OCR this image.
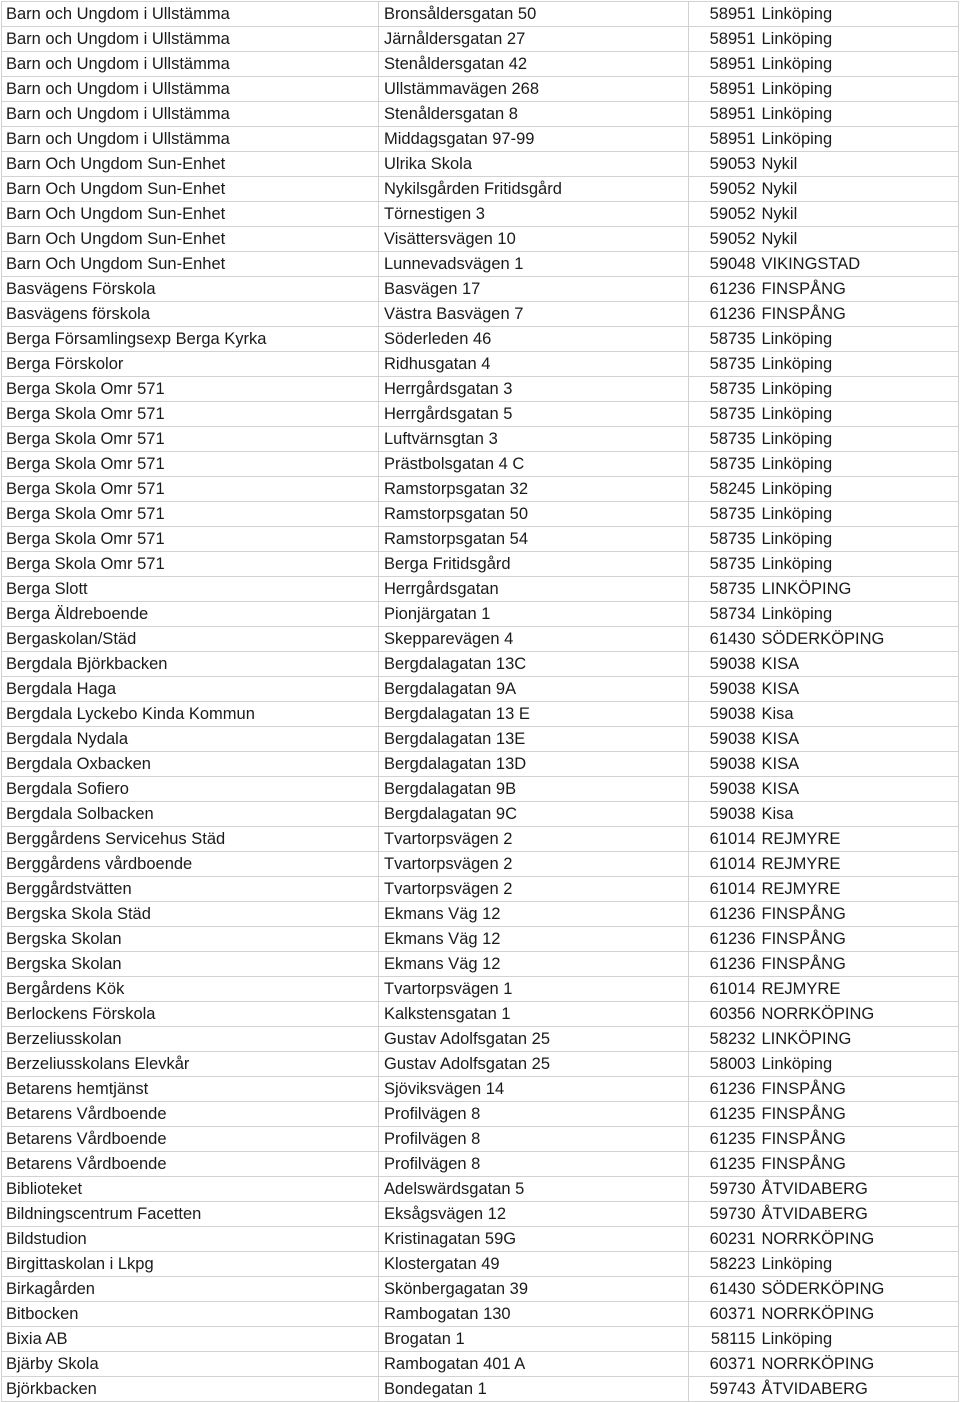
Barn och Ungdom i Ullstämma	Bronsåldersgatan 50	58951	Linköping
Barn och Ungdom i Ullstämma	Järnåldersgatan 27	58951	Linköping
Barn och Ungdom i Ullstämma	Stenåldersgatan 42	58951	Linköping
Barn och Ungdom i Ullstämma	Ullstämmavägen 268	58951	Linköping
Barn och Ungdom i Ullstämma	Stenåldersgatan 8	58951	Linköping
Barn och Ungdom i Ullstämma	Middagsgatan 97-99	58951	Linköping
Barn Och Ungdom Sun-Enhet	Ulrika Skola	59053	Nykil
Barn Och Ungdom Sun-Enhet	Nykilsgården Fritidsgård	59052	Nykil
Barn Och Ungdom Sun-Enhet	Törnestigen 3	59052	Nykil
Barn Och Ungdom Sun-Enhet	Visättersvägen 10	59052	Nykil
Barn Och Ungdom Sun-Enhet	Lunnevadsvägen 1	59048	VIKINGSTAD
Basvägens Förskola	Basvägen 17	61236	FINSPÅNG
Basvägens förskola	Västra Basvägen 7	61236	FINSPÅNG
Berga Församlingsexp Berga Kyrka	Söderleden 46	58735	Linköping
Berga Förskolor	Ridhusgatan 4	58735	Linköping
Berga Skola Omr 571	Herrgårdsgatan 3	58735	Linköping
Berga Skola Omr 571	Herrgårdsgatan 5	58735	Linköping
Berga Skola Omr 571	Luftvärnsgtan 3	58735	Linköping
Berga Skola Omr 571	Prästbolsgatan 4 C	58735	Linköping
Berga Skola Omr 571	Ramstorpsgatan 32	58245	Linköping
Berga Skola Omr 571	Ramstorpsgatan 50	58735	Linköping
Berga Skola Omr 571	Ramstorpsgatan 54	58735	Linköping
Berga Skola Omr 571	Berga Fritidsgård	58735	Linköping
Berga Slott	Herrgårdsgatan	58735	LINKÖPING
Berga Äldreboende	Pionjärgatan 1	58734	Linköping
Bergaskolan/Städ	Skepparevägen 4	61430	SÖDERKÖPING
Bergdala Björkbacken	Bergdalagatan 13C	59038	KISA
Bergdala Haga	Bergdalagatan 9A	59038	KISA
Bergdala Lyckebo Kinda Kommun	Bergdalagatan 13 E	59038	Kisa
Bergdala Nydala	Bergdalagatan 13E	59038	KISA
Bergdala Oxbacken	Bergdalagatan 13D	59038	KISA
Bergdala Sofiero	Bergdalagatan 9B	59038	KISA
Bergdala Solbacken	Bergdalagatan 9C	59038	Kisa
Berggårdens Servicehus Städ	Tvartorpsvägen 2	61014	REJMYRE
Berggårdens vårdboende	Tvartorpsvägen 2	61014	REJMYRE
Berggårdstvätten	Tvartorpsvägen 2	61014	REJMYRE
Bergska Skola Städ	Ekmans Väg 12	61236	FINSPÅNG
Bergska Skolan	Ekmans Väg 12	61236	FINSPÅNG
Bergska Skolan	Ekmans Väg 12	61236	FINSPÅNG
Bergårdens Kök	Tvartorpsvägen 1	61014	REJMYRE
Berlockens Förskola	Kalkstensgatan 1	60356	NORRKÖPING
Berzeliusskolan	Gustav Adolfsgatan 25	58232	LINKÖPING
Berzeliusskolans Elevkår	Gustav Adolfsgatan 25	58003	Linköping
Betarens hemtjänst	Sjöviksvägen 14	61236	FINSPÅNG
Betarens Vårdboende	Profilvägen 8	61235	FINSPÅNG
Betarens Vårdboende	Profilvägen 8	61235	FINSPÅNG
Betarens Vårdboende	Profilvägen 8	61235	FINSPÅNG
Biblioteket	Adelswärdsgatan 5	59730	ÅTVIDABERG
Bildningscentrum Facetten	Eksågsvägen 12	59730	ÅTVIDABERG
Bildstudion	Kristinagatan 59G	60231	NORRKÖPING
Birgittaskolan i Lkpg	Klostergatan 49	58223	Linköping
Birkagården	Skönbergagatan 39	61430	SÖDERKÖPING
Bitbocken	Rambogatan 130	60371	NORRKÖPING
Bixia AB	Brogatan 1	58115	Linköping
Bjärby Skola	Rambogatan 401 A	60371	NORRKÖPING
Björkbacken	Bondegatan 1	59743	ÅTVIDABERG
